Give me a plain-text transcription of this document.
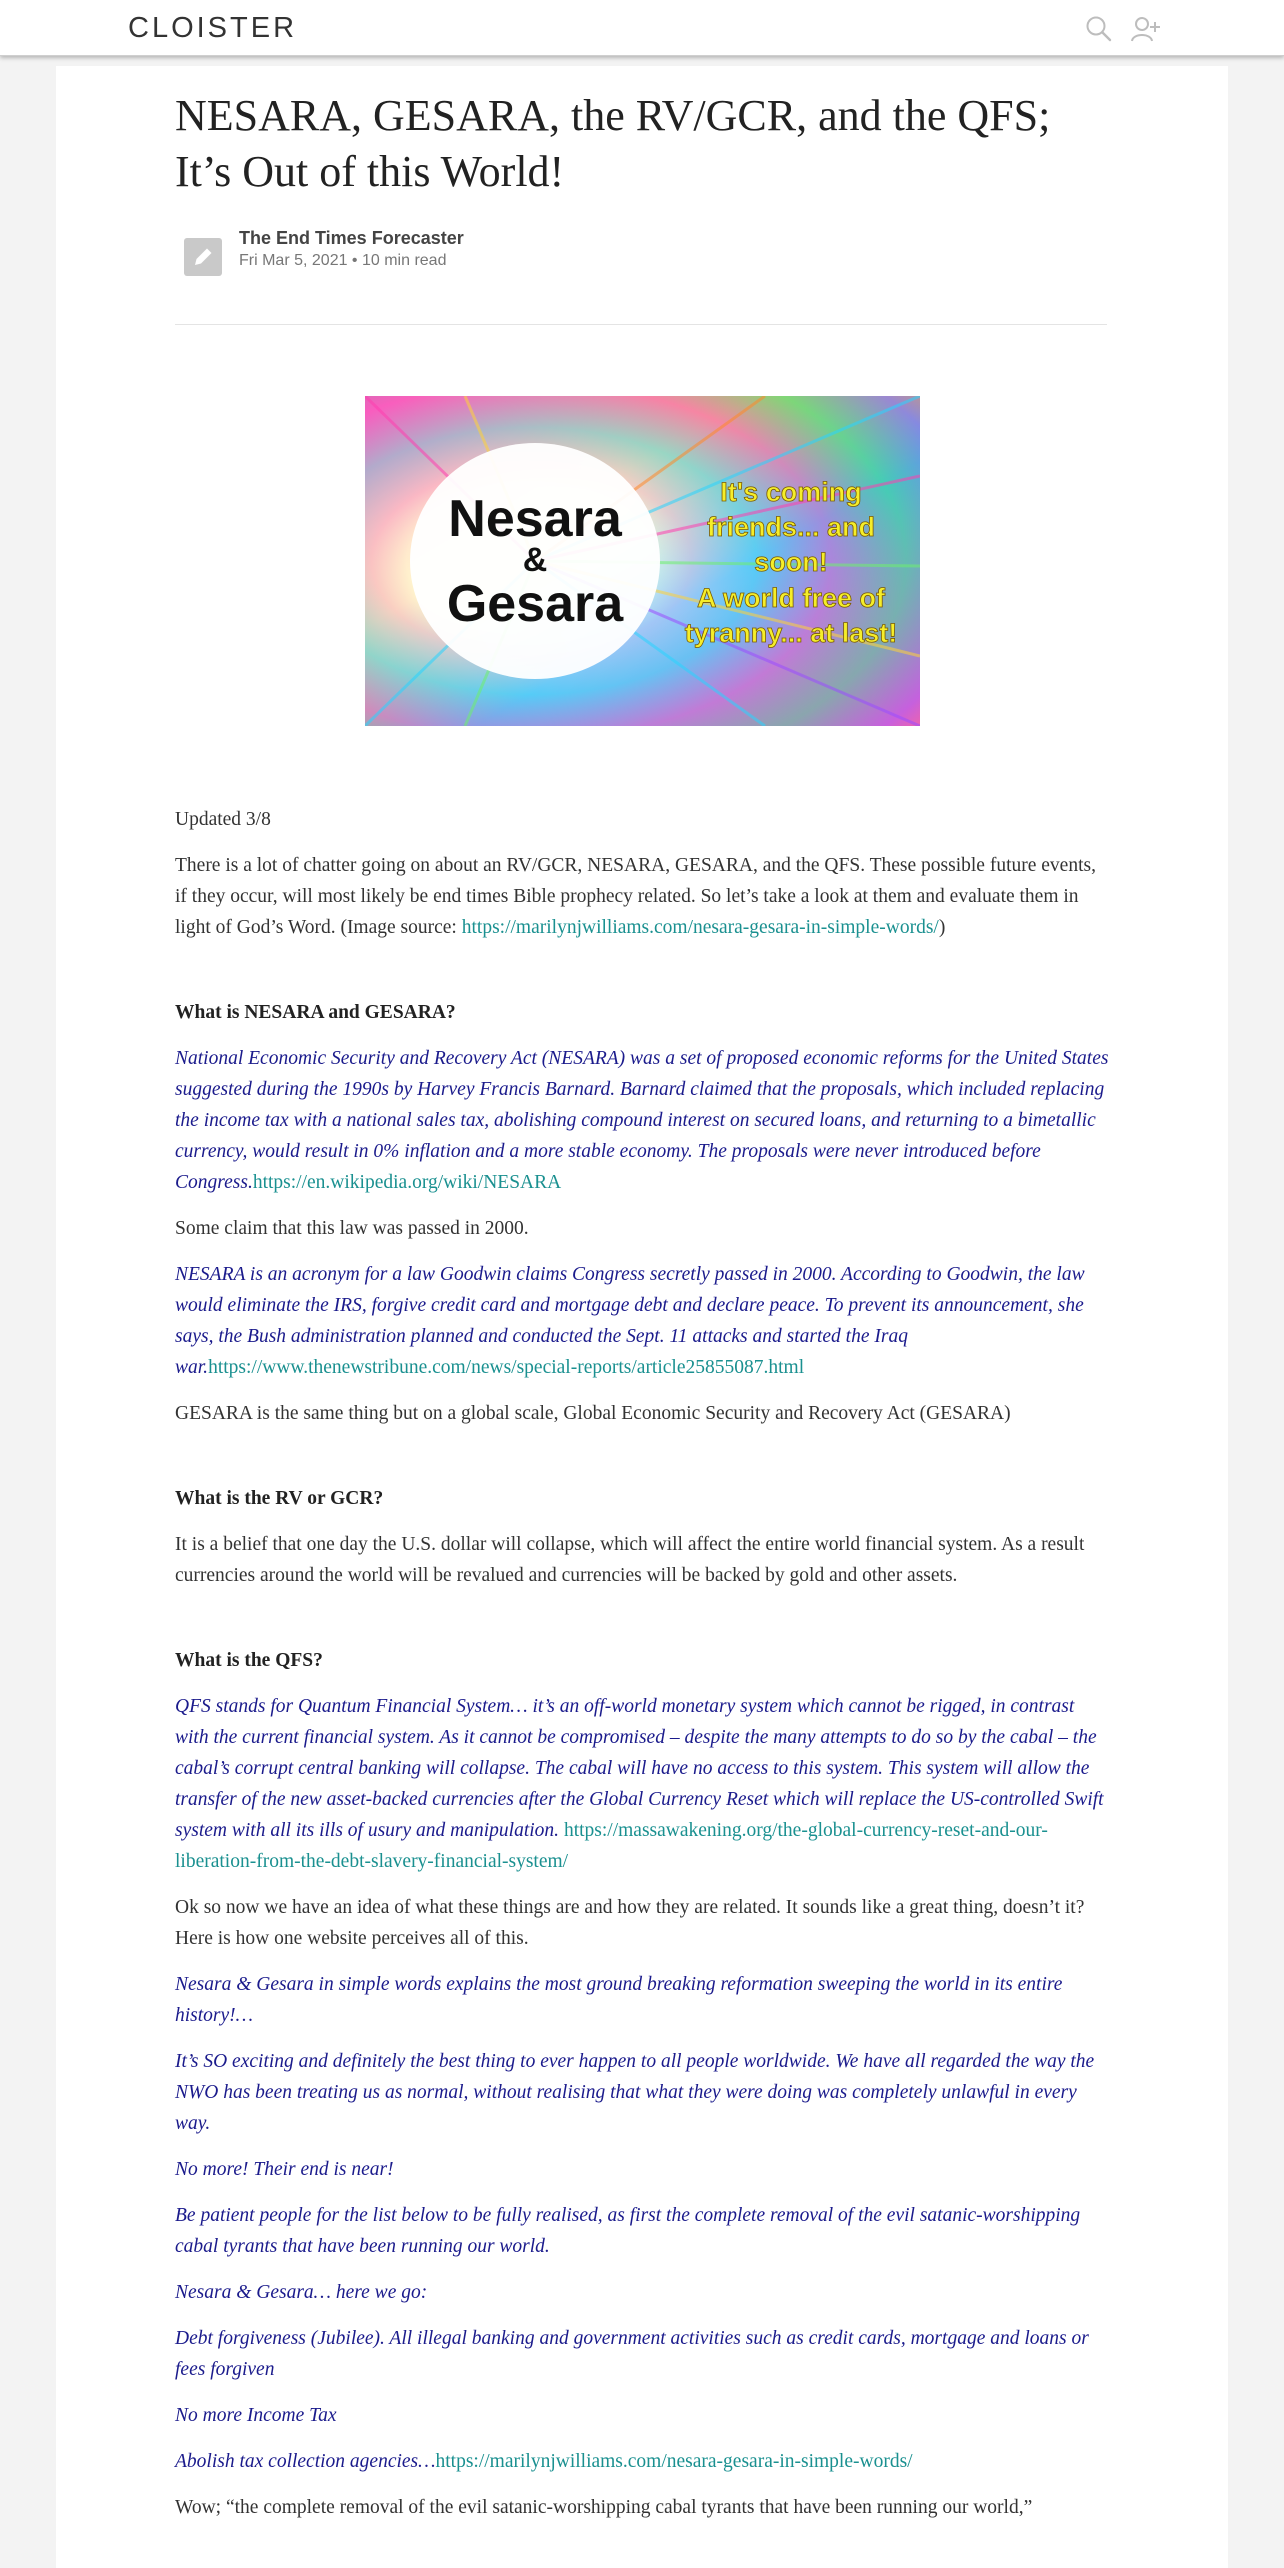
CLOISTER
NESARA, GESARA, the RV/GCR, and the QFS; It’s Out of this World!
The End Times Forecaster
Fri Mar 5, 2021 • 10 min read
Nesara
&
Gesara
It's coming
friends... and
soon!
A world free of
tyranny... at last!

Updated 3/8

There is a lot of chatter going on about an RV/GCR, NESARA, GESARA, and the QFS. These possible future events, if they occur, will most likely be end times Bible prophecy related. So let’s take a look at them and evaluate them in light of God’s Word. (Image source: https://marilynjwilliams.com/nesara-gesara-in-simple-words/)

What is NESARA and GESARA?

National Economic Security and Recovery Act (NESARA) was a set of proposed economic reforms for the United States suggested during the 1990s by Harvey Francis Barnard. Barnard claimed that the proposals, which included replacing the income tax with a national sales tax, abolishing compound interest on secured loans, and returning to a bimetallic currency, would result in 0% inflation and a more stable economy. The proposals were never introduced before Congress.https://en.wikipedia.org/wiki/NESARA

Some claim that this law was passed in 2000.

NESARA is an acronym for a law Goodwin claims Congress secretly passed in 2000. According to Goodwin, the law would eliminate the IRS, forgive credit card and mortgage debt and declare peace. To prevent its announcement, she says, the Bush administration planned and conducted the Sept. 11 attacks and started the Iraq war.https://www.thenewstribune.com/news/special-reports/article25855087.html

GESARA is the same thing but on a global scale, Global Economic Security and Recovery Act (GESARA)

What is the RV or GCR?

It is a belief that one day the U.S. dollar will collapse, which will affect the entire world financial system. As a result currencies around the world will be revalued and currencies will be backed by gold and other assets.

What is the QFS?

QFS stands for Quantum Financial System… it’s an off-world monetary system which cannot be rigged, in contrast with the current financial system. As it cannot be compromised – despite the many attempts to do so by the cabal – the cabal’s corrupt central banking will collapse. The cabal will have no access to this system. This system will allow the transfer of the new asset-backed currencies after the Global Currency Reset which will replace the US-controlled Swift system with all its ills of usury and manipulation. https://massawakening.org/the-global-currency-reset-and-our-liberation-from-the-debt-slavery-financial-system/

Ok so now we have an idea of what these things are and how they are related. It sounds like a great thing, doesn’t it? Here is how one website perceives all of this.

Nesara & Gesara in simple words explains the most ground breaking reformation sweeping the world in its entire history!…

It’s SO exciting and definitely the best thing to ever happen to all people worldwide. We have all regarded the way the NWO has been treating us as normal, without realising that what they were doing was completely unlawful in every way.

No more! Their end is near!

Be patient people for the list below to be fully realised, as first the complete removal of the evil satanic-worshipping cabal tyrants that have been running our world.

Nesara & Gesara… here we go:

Debt forgiveness (Jubilee). All illegal banking and government activities such as credit cards, mortgage and loans or fees forgiven

No more Income Tax

Abolish tax collection agencies…https://marilynjwilliams.com/nesara-gesara-in-simple-words/

Wow; “the complete removal of the evil satanic-worshipping cabal tyrants that have been running our world,”
